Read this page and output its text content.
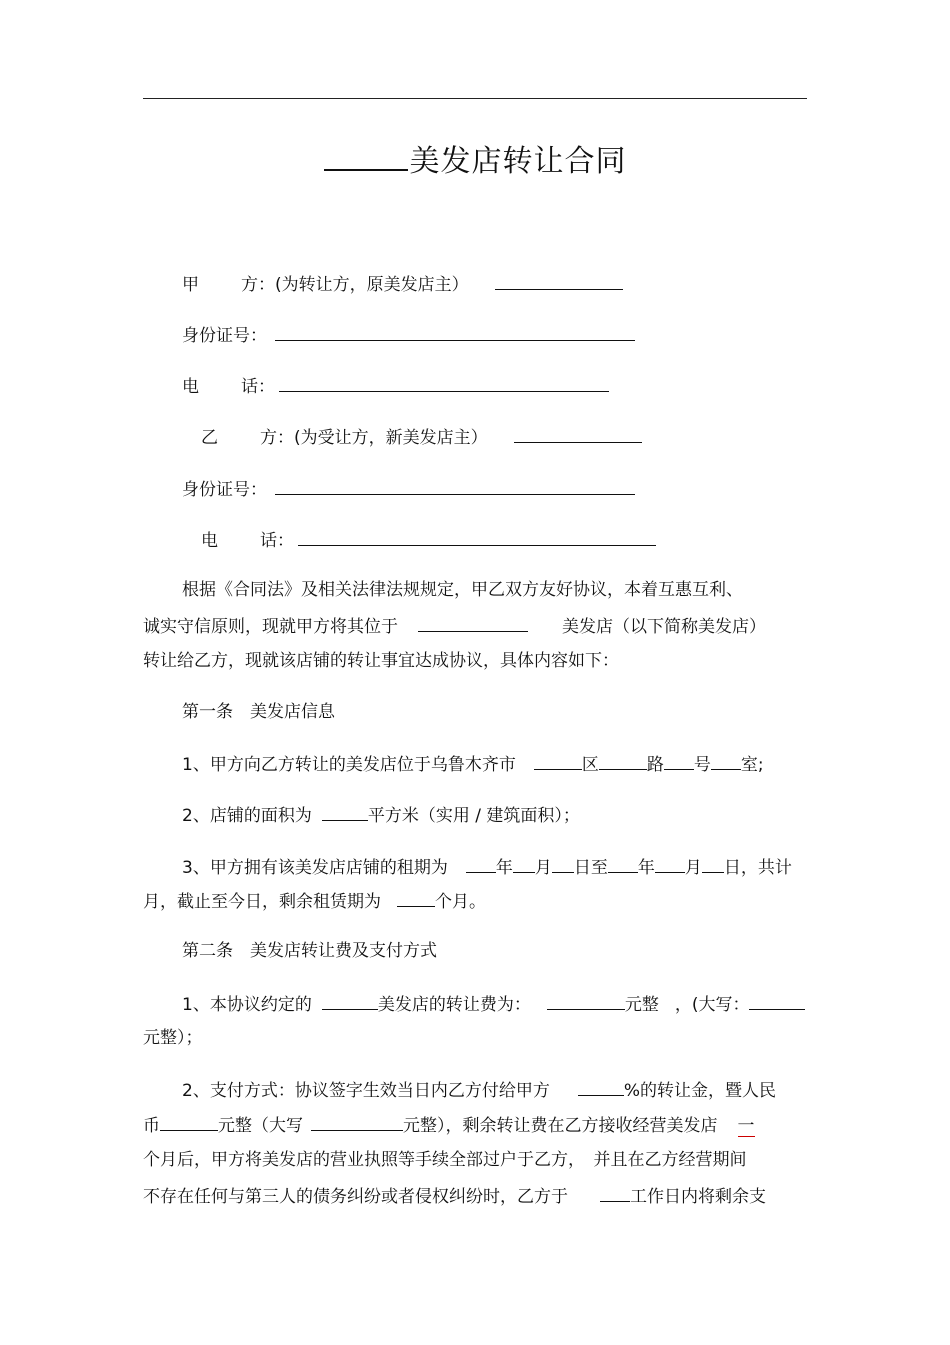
美发店转让合同
甲 方：(为转让方，原美发店主）
身份证号：
电 话：
乙 方：(为受让方，新美发店主）
身份证号：
电 话：
根据《合同法》及相关法律法规规定，甲乙双方友好协议，本着互惠互利、
诚实守信原则，现就甲方将其位于	美发店（以下简称美发店）
转让给乙方，现就该店铺的转让事宜达成协议，具体内容如下：
第一条　美发店信息
1、甲方向乙方转让的美发店位于乌鲁木齐市	区	路 号 室;
2、店铺的面积为	平方米（实用 / 建筑面积）；
3、甲方拥有该美发店店铺的租期为	年 月 日至 年 月 日，共计
月，截止至今日，剩余租赁期为	个月。
第二条　美发店转让费及支付方式
1、本协议约定的	美发店的转让费为：	元整 ，(大写：
元整）；
2、支付方式：协议签字生效当日内乙方付给甲方	%的转让金，暨人民
币	元整（大写	元整），剩余转让费在乙方接收经营美发店 一
个月后，甲方将美发店的营业执照等手续全部过户于乙方，　并且在乙方经营期间
不存在任何与第三人的债务纠纷或者侵权纠纷时，乙方于	工作日内将剩余支
